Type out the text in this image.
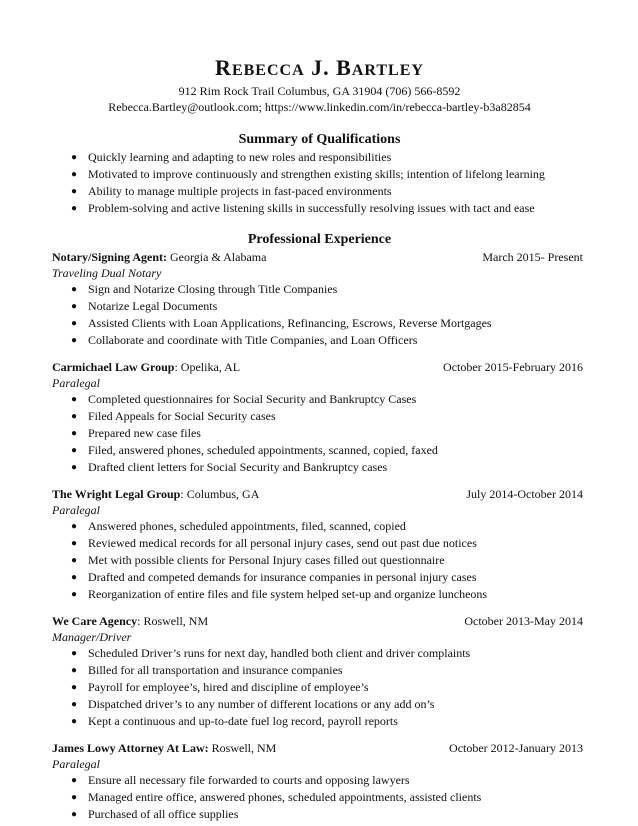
REBECCA J. BARTLEY

912 Rim Rock Trail Columbus, GA 31904 (706) 566-8592

Rebecca.Bartley@outlook.com; https://www.linkedin.com/in/rebecca-bartley-b3a82854

Summary of Qualifications

● Quickly learning and adapting to new roles and responsibilities
● Motivated to improve continuously and strengthen existing skills; intention of lifelong learning
● Ability to manage multiple projects in fast-paced environments
● Problem-solving and active listening skills in successfully resolving issues with tact and ease

Professional Experience

Notary/Signing Agent: Georgia & Alabama	March 2015- Present
Traveling Dual Notary
● Sign and Notarize Closing through Title Companies
● Notarize Legal Documents
● Assisted Clients with Loan Applications, Refinancing, Escrows, Reverse Mortgages
● Collaborate and coordinate with Title Companies, and Loan Officers
Carmichael Law Group: Opelika, AL	October 2015-February 2016
Paralegal
● Completed questionnaires for Social Security and Bankruptcy Cases
● Filed Appeals for Social Security cases
● Prepared new case files
● Filed, answered phones, scheduled appointments, scanned, copied, faxed
● Drafted client letters for Social Security and Bankruptcy cases
The Wright Legal Group: Columbus, GA	July 2014-October 2014
Paralegal
● Answered phones, scheduled appointments, filed, scanned, copied
● Reviewed medical records for all personal injury cases, send out past due notices
● Met with possible clients for Personal Injury cases filled out questionnaire
● Drafted and competed demands for insurance companies in personal injury cases
● Reorganization of entire files and file system helped set-up and organize luncheons
We Care Agency: Roswell, NM	October 2013-May 2014
Manager/Driver
● Scheduled Driver’s runs for next day, handled both client and driver complaints
● Billed for all transportation and insurance companies
● Payroll for employee’s, hired and discipline of employee’s
● Dispatched driver’s to any number of different locations or any add on’s
● Kept a continuous and up-to-date fuel log record, payroll reports
James Lowy Attorney At Law: Roswell, NM	October 2012-January 2013
Paralegal
● Ensure all necessary file forwarded to courts and opposing lawyers
● Managed entire office, answered phones, scheduled appointments, assisted clients
● Purchased of all office supplies
